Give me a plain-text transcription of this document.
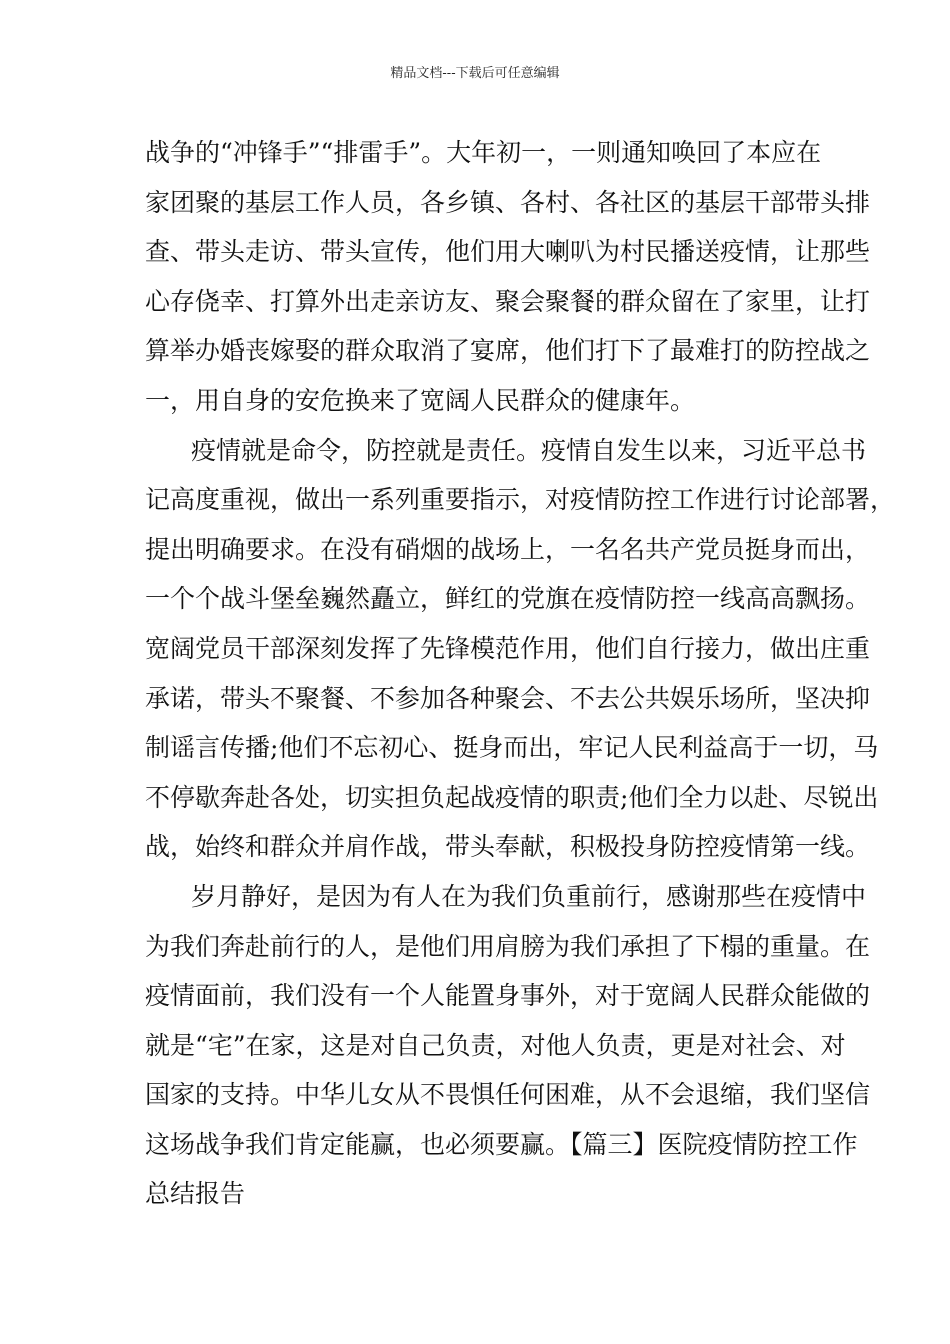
精品文档---下载后可任意编辑

战争的“冲锋手”“排雷手”。大年初一，一则通知唤回了本应在
家团聚的基层工作人员，各乡镇、各村、各社区的基层干部带头排
查、带头走访、带头宣传，他们用大喇叭为村民播送疫情，让那些
心存侥幸、打算外出走亲访友、聚会聚餐的群众留在了家里，让打
算举办婚丧嫁娶的群众取消了宴席，他们打下了最难打的防控战之
一，用自身的安危换来了宽阔人民群众的健康年。

疫情就是命令，防控就是责任。疫情自发生以来，习近平总书
记高度重视，做出一系列重要指示，对疫情防控工作进行讨论部署，
提出明确要求。在没有硝烟的战场上，一名名共产党员挺身而出，
一个个战斗堡垒巍然矗立，鲜红的党旗在疫情防控一线高高飘扬。
宽阔党员干部深刻发挥了先锋模范作用，他们自行接力，做出庄重
承诺，带头不聚餐、不参加各种聚会、不去公共娱乐场所，坚决抑
制谣言传播;他们不忘初心、挺身而出，牢记人民利益高于一切，马
不停歇奔赴各处，切实担负起战疫情的职责;他们全力以赴、尽锐出
战，始终和群众并肩作战，带头奉献，积极投身防控疫情第一线。

岁月静好，是因为有人在为我们负重前行，感谢那些在疫情中
为我们奔赴前行的人，是他们用肩膀为我们承担了下榻的重量。在
疫情面前，我们没有一个人能置身事外，对于宽阔人民群众能做的
就是“宅”在家，这是对自己负责，对他人负责，更是对社会、对
国家的支持。中华儿女从不畏惧任何困难，从不会退缩，我们坚信
这场战争我们肯定能赢，也必须要赢。【篇三】医院疫情防控工作
总结报告
